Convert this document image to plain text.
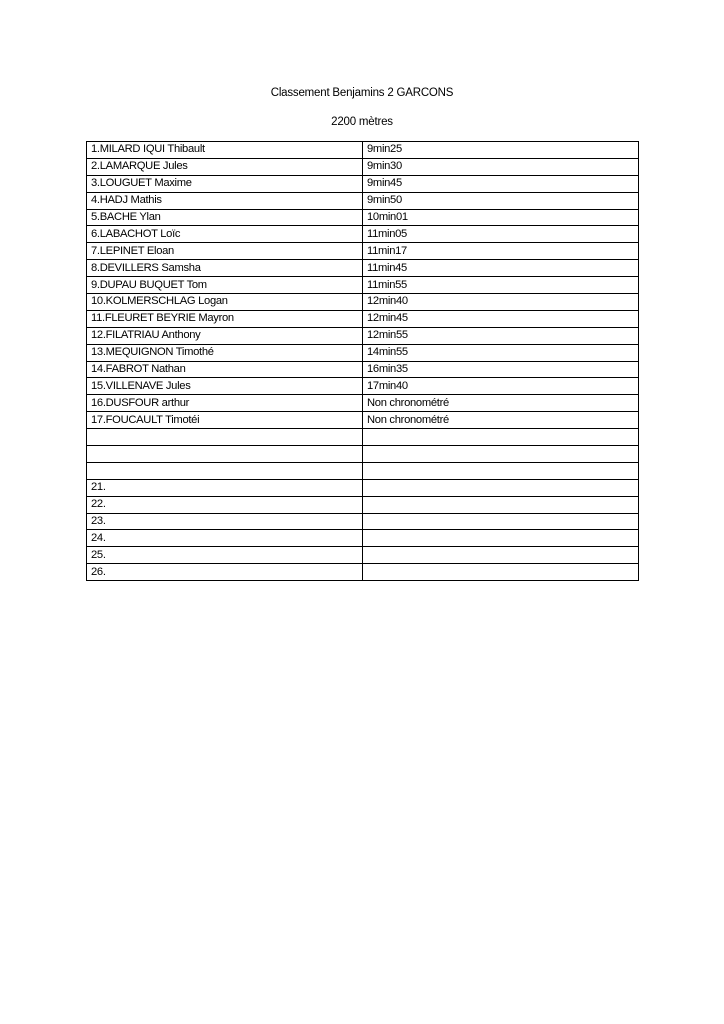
Classement Benjamins 2 GARCONS
2200 mètres
1.MILARD IQUI Thibault	9min25
2.LAMARQUE Jules	9min30
3.LOUGUET Maxime	9min45
4.HADJ Mathis	9min50
5.BACHE Ylan	10min01
6.LABACHOT Loïc	11min05
7.LEPINET Eloan	11min17
8.DEVILLERS Samsha	11min45
9.DUPAU BUQUET Tom	11min55
10.KOLMERSCHLAG Logan	12min40
11.FLEURET BEYRIE Mayron	12min45
12.FILATRIAU Anthony	12min55
13.MEQUIGNON Timothé	14min55
14.FABROT Nathan	16min35
15.VILLENAVE Jules	17min40
16.DUSFOUR arthur	Non chronométré
17.FOUCAULT Timotéi	Non chronométré

21.	
22.	
23.	
24.	
25.	
26.	
